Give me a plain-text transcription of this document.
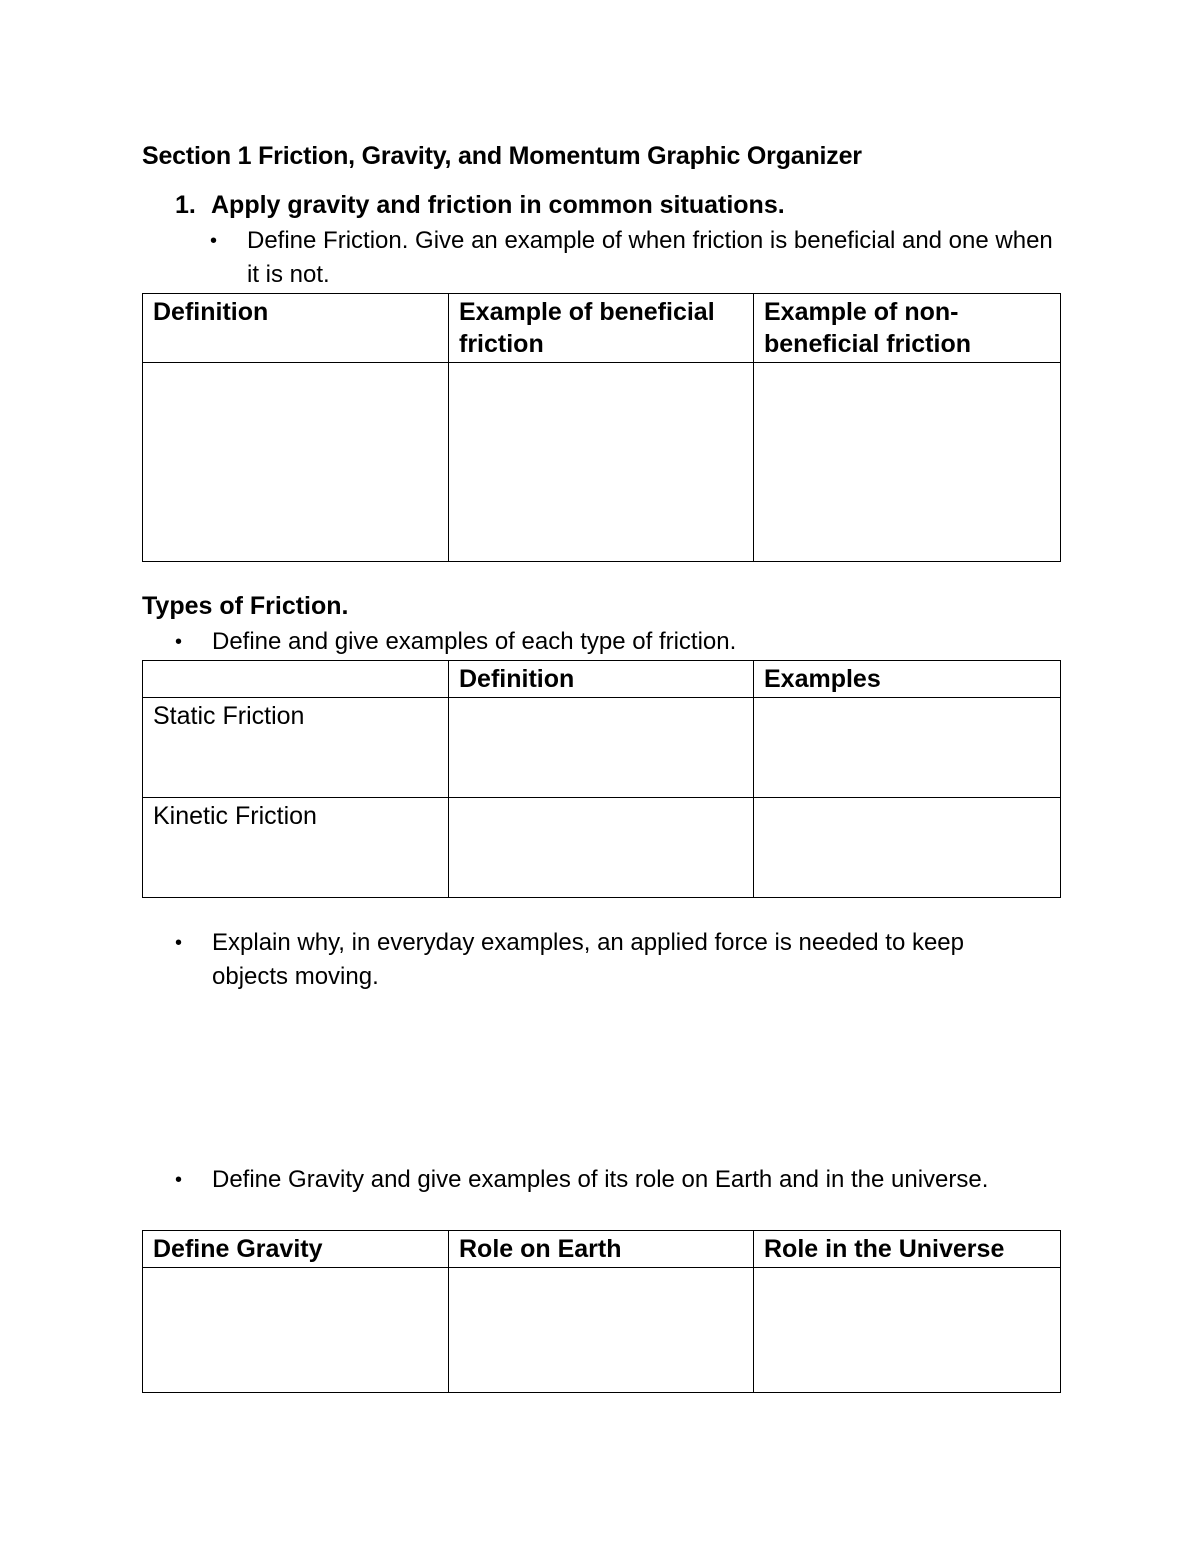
Section 1 Friction, Gravity, and Momentum Graphic Organizer
1. Apply gravity and friction in common situations.

• Define Friction. Give an example of when friction is beneficial and one when it is not.

Definition	Example of beneficial friction	Example of non-beneficial friction

Types of Friction.

• Define and give examples of each type of friction.

	Definition	Examples
Static Friction		
Kinetic Friction		

• Explain why, in everyday examples, an applied force is needed to keep objects moving.

• Define Gravity and give examples of its role on Earth and in the universe.

Define Gravity	Role on Earth	Role in the Universe
